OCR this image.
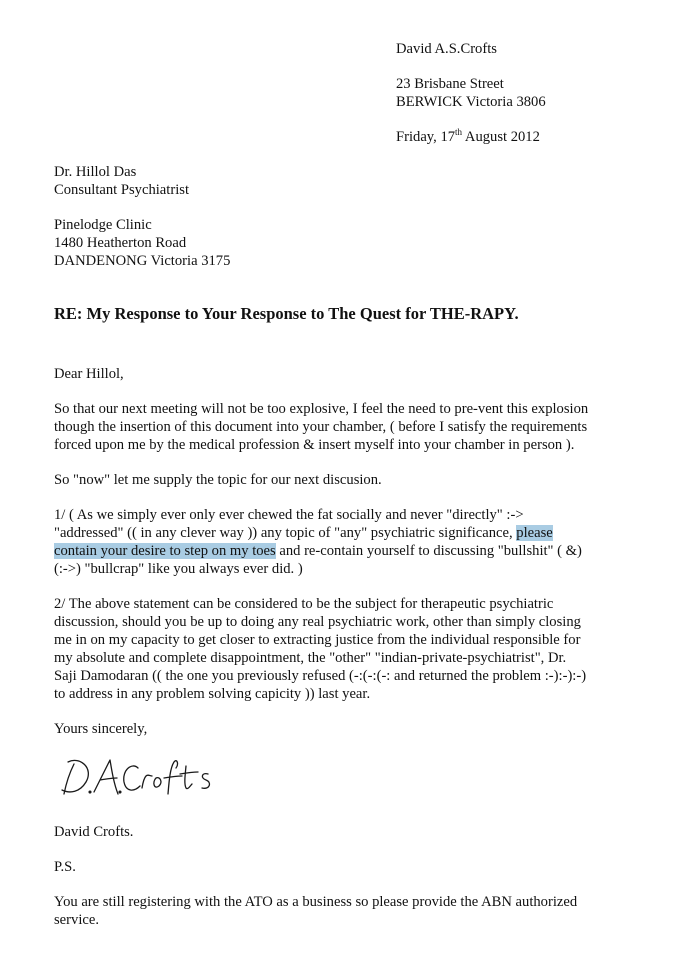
David A.S.Crofts
23 Brisbane Street
BERWICK Victoria 3806
Friday, 17th August 2012
Dr. Hillol Das
Consultant Psychiatrist
Pinelodge Clinic
1480 Heatherton Road
DANDENONG Victoria 3175
RE: My Response to Your Response to The Quest for THE-RAPY.
Dear Hillol,
So that our next meeting will not be too explosive, I feel the need to pre-vent this explosion
though the insertion of this document into your chamber, ( before I satisfy the requirements
forced upon me by the medical profession & insert myself into your chamber in person ).
So "now" let me supply the topic for our next discusion.
1/ ( As we simply ever only ever chewed the fat socially and never "directly" :->
"addressed" (( in any clever way )) any topic of "any" psychiatric significance, please
contain your desire to step on my toes and re-contain yourself to discussing "bullshit" ( &)
(:->) "bullcrap" like you always ever did. )
2/ The above statement can be considered to be the subject for therapeutic psychiatric
discussion, should you be up to doing any real psychiatric work, other than simply closing
me in on my capacity to get closer to extracting justice from the individual responsible for
my absolute and complete disappointment, the "other" "indian-private-psychiatrist", Dr.
Saji Damodaran (( the one you previously refused (-:(-:(-: and returned the problem :-):-):-)
to address in any problem solving capicity )) last year.
Yours sincerely,
David Crofts.
P.S.
You are still registering with the ATO as a business so please provide the ABN authorized
service.
